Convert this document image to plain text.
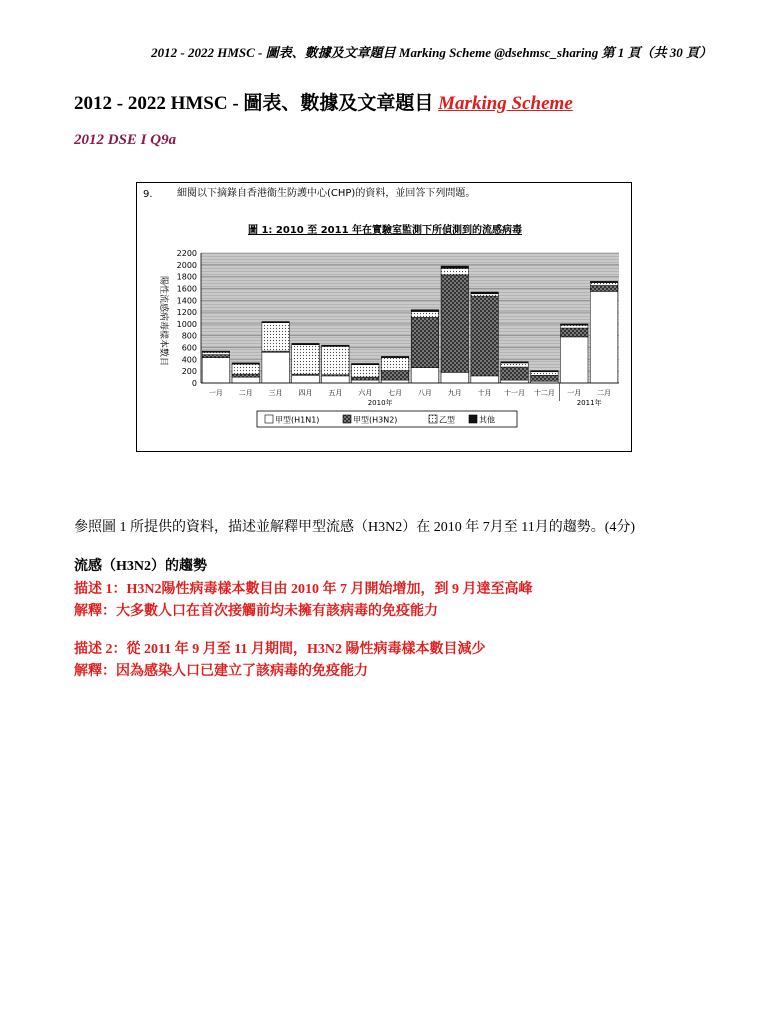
2012 - 2022 HMSC - 圖表、數據及文章題目 Marking Scheme @dsehmsc_sharing 第 1 頁（共 30 頁）
2012 - 2022 HMSC - 圖表、數據及文章題目 Marking Scheme
2012 DSE I Q9a
9. 細閱以下摘錄自香港衞生防護中心(CHP)的資料，並回答下列問題。
圖 1: 2010 至 2011 年在實驗室監測下所偵測到的流感病毒
陽性流感病毒樣本數目
0
200
400
600
800
1000
1200
1400
1600
1800
2000
2200
一月 二月 三月 四月 五月 六月 七月 八月 九月 十月 十一月 十二月 一月 二月
2010年	2011年
甲型(H1N1)	甲型(H3N2)	乙型	其他
參照圖 1 所提供的資料，描述並解釋甲型流感（H3N2）在 2010 年 7月至 11月的趨勢。(4分)
流感（H3N2）的趨勢
描述 1：H3N2陽性病毒樣本數目由 2010 年 7 月開始增加，到 9 月達至高峰
解釋：大多數人口在首次接觸前均未擁有該病毒的免疫能力
描述 2：從 2011 年 9 月至 11 月期間，H3N2 陽性病毒樣本數目減少
解釋：因為感染人口已建立了該病毒的免疫能力
